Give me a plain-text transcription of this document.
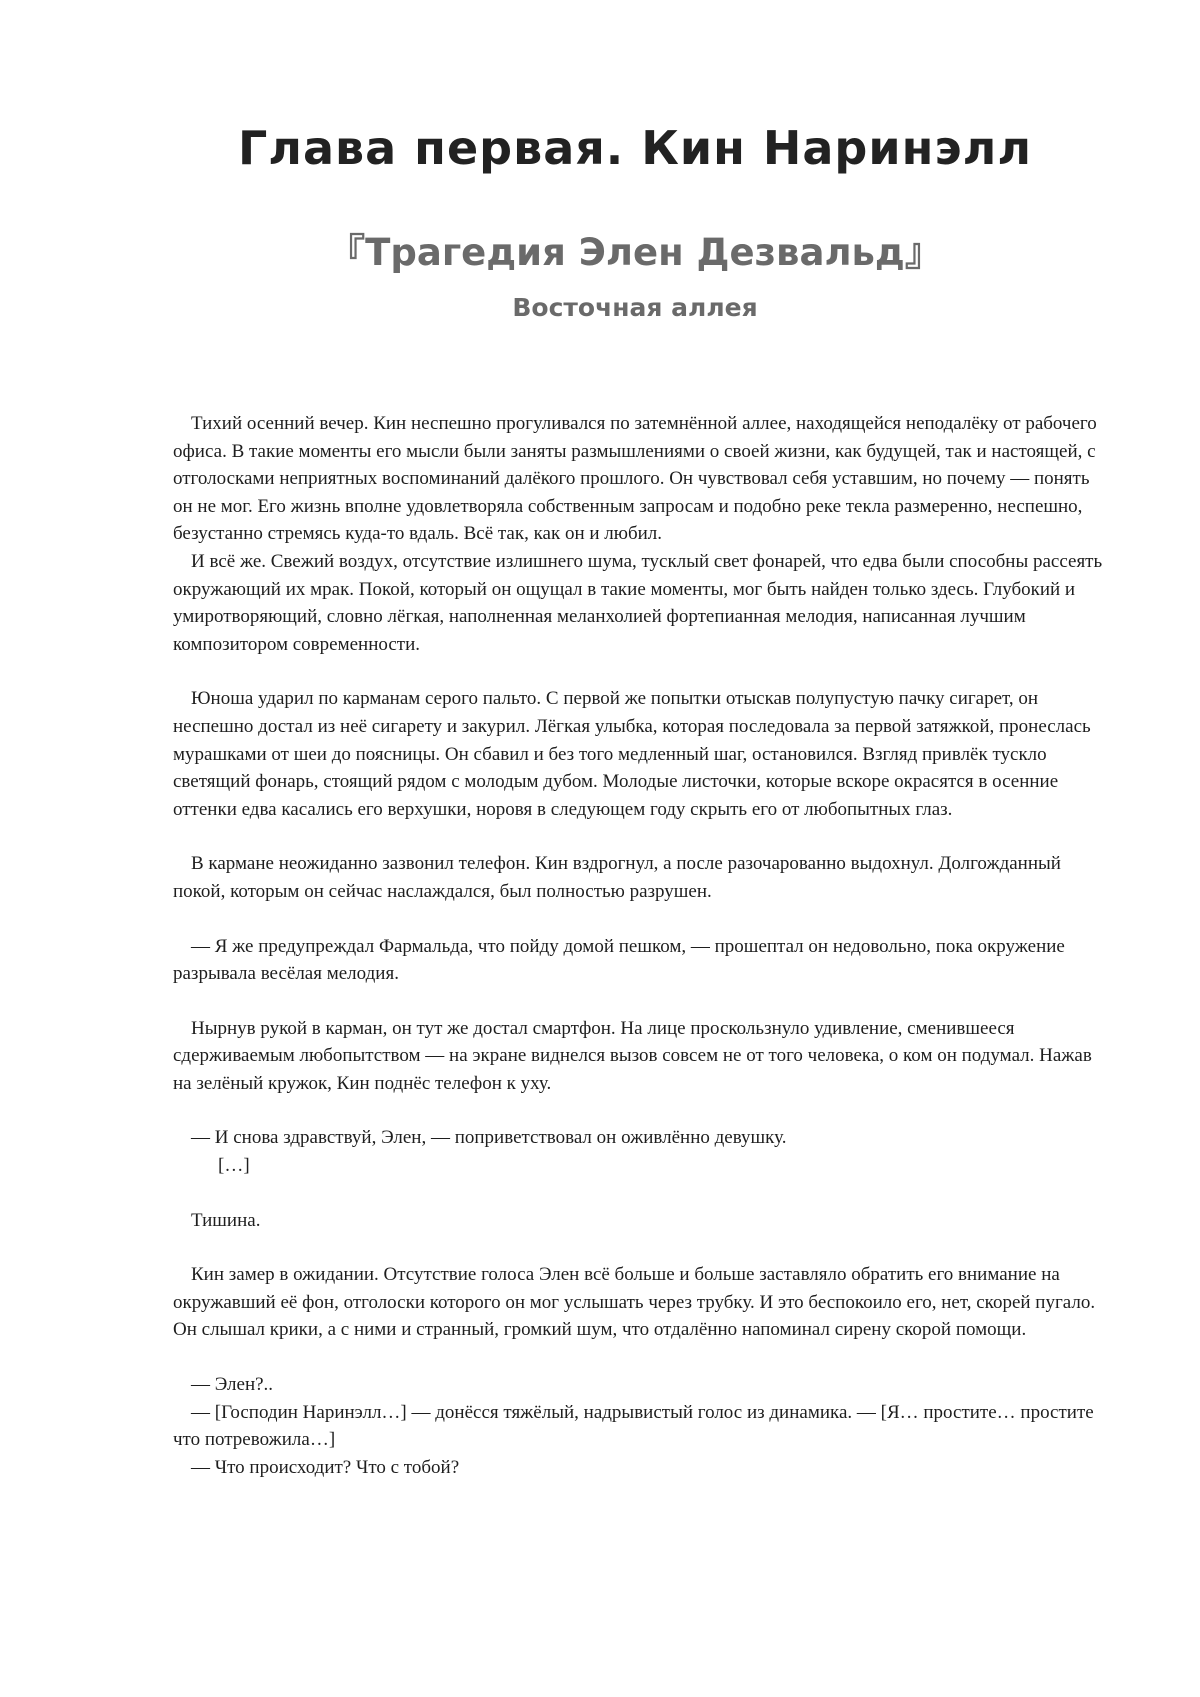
Глава первая. Кин Наринэлл
『Трагедия Элен Дезвальд』
Восточная аллея

Тихий осенний вечер. Кин неспешно прогуливался по затемнённой аллее, находящейся неподалёку от рабочего офиса. В такие моменты его мысли были заняты размышлениями о своей жизни, как будущей, так и настоящей, с отголосками неприятных воспоминаний далёкого прошлого. Он чувствовал себя уставшим, но почему — понять он не мог. Его жизнь вполне удовлетворяла собственным запросам и подобно реке текла размеренно, неспешно, безустанно стремясь куда-то вдаль. Всё так, как он и любил.

И всё же. Свежий воздух, отсутствие излишнего шума, тусклый свет фонарей, что едва были способны рассеять окружающий их мрак. Покой, который он ощущал в такие моменты, мог быть найден только здесь. Глубокий и умиротворяющий, словно лёгкая, наполненная меланхолией фортепианная мелодия, написанная лучшим композитором современности.

Юноша ударил по карманам серого пальто. С первой же попытки отыскав полупустую пачку сигарет, он неспешно достал из неё сигарету и закурил. Лёгкая улыбка, которая последовала за первой затяжкой, пронеслась мурашками от шеи до поясницы. Он сбавил и без того медленный шаг, остановился. Взгляд привлёк тускло светящий фонарь, стоящий рядом с молодым дубом. Молодые листочки, которые вскоре окрасятся в осенние оттенки едва касались его верхушки, норовя в следующем году скрыть его от любопытных глаз.

В кармане неожиданно зазвонил телефон. Кин вздрогнул, а после разочарованно выдохнул. Долгожданный покой, которым он сейчас наслаждался, был полностью разрушен.

— Я же предупреждал Фармальда, что пойду домой пешком, — прошептал он недовольно, пока окружение разрывала весёлая мелодия.

Нырнув рукой в карман, он тут же достал смартфон. На лице проскользнуло удивление, сменившееся сдерживаемым любопытством — на экране виднелся вызов совсем не от того человека, о ком он подумал. Нажав на зелёный кружок, Кин поднёс телефон к уху.

— И снова здравствуй, Элен, — поприветствовал он оживлённо девушку.

[…]

Тишина.

Кин замер в ожидании. Отсутствие голоса Элен всё больше и больше заставляло обратить его внимание на окружавший её фон, отголоски которого он мог услышать через трубку. И это беспокоило его, нет, скорей пугало. Он слышал крики, а с ними и странный, громкий шум, что отдалённо напоминал сирену скорой помощи.

— Элен?..

— [Господин Наринэлл…] — донёсся тяжёлый, надрывистый голос из динамика. — [Я… простите… простите что потревожила…]

— Что происходит? Что с тобой?
